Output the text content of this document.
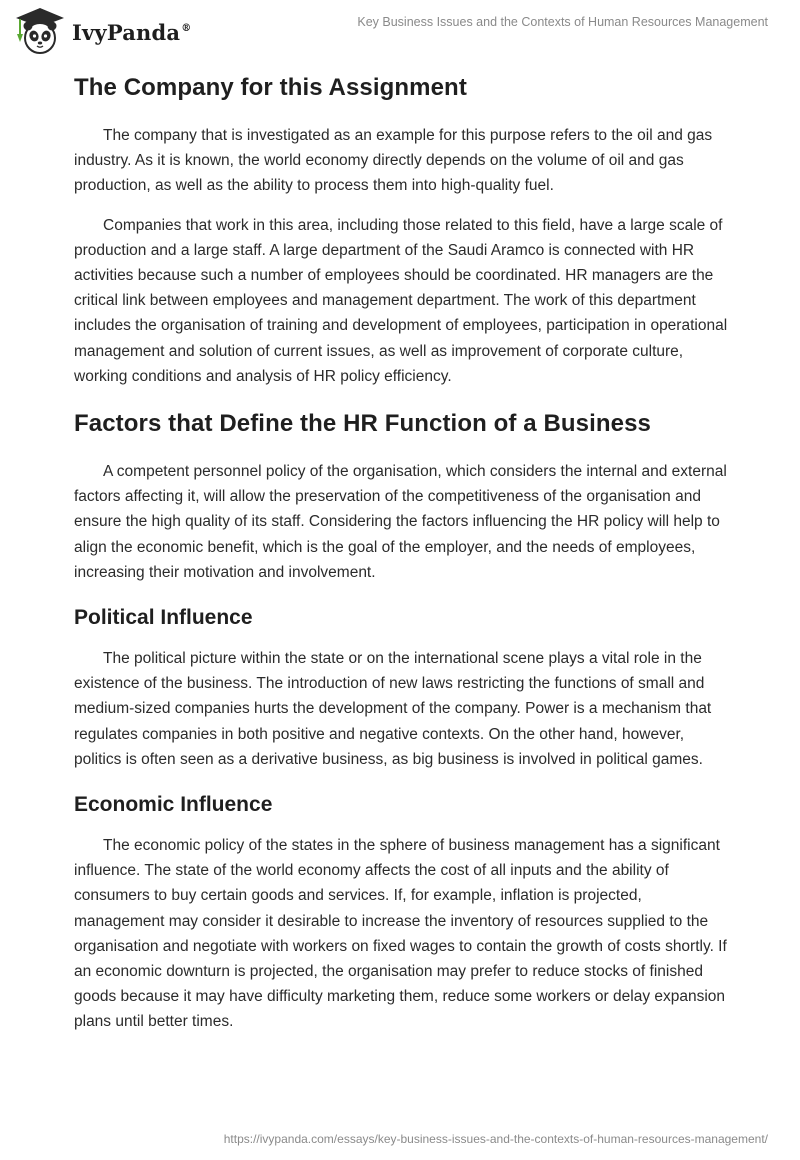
IvyPanda®	Key Business Issues and the Contexts of Human Resources Management
The Company for this Assignment

The company that is investigated as an example for this purpose refers to the oil and gas industry. As it is known, the world economy directly depends on the volume of oil and gas production, as well as the ability to process them into high-quality fuel.

Companies that work in this area, including those related to this field, have a large scale of production and a large staff. A large department of the Saudi Aramco is connected with HR activities because such a number of employees should be coordinated. HR managers are the critical link between employees and management department. The work of this department includes the organisation of training and development of employees, participation in operational management and solution of current issues, as well as improvement of corporate culture, working conditions and analysis of HR policy efficiency.

Factors that Define the HR Function of a Business

A competent personnel policy of the organisation, which considers the internal and external factors affecting it, will allow the preservation of the competitiveness of the organisation and ensure the high quality of its staff. Considering the factors influencing the HR policy will help to align the economic benefit, which is the goal of the employer, and the needs of employees, increasing their motivation and involvement.

Political Influence

The political picture within the state or on the international scene plays a vital role in the existence of the business. The introduction of new laws restricting the functions of small and medium-sized companies hurts the development of the company. Power is a mechanism that regulates companies in both positive and negative contexts. On the other hand, however, politics is often seen as a derivative business, as big business is involved in political games.

Economic Influence

The economic policy of the states in the sphere of business management has a significant influence. The state of the world economy affects the cost of all inputs and the ability of consumers to buy certain goods and services. If, for example, inflation is projected, management may consider it desirable to increase the inventory of resources supplied to the organisation and negotiate with workers on fixed wages to contain the growth of costs shortly. If an economic downturn is projected, the organisation may prefer to reduce stocks of finished goods because it may have difficulty marketing them, reduce some workers or delay expansion plans until better times.

https://ivypanda.com/essays/key-business-issues-and-the-contexts-of-human-resources-management/
